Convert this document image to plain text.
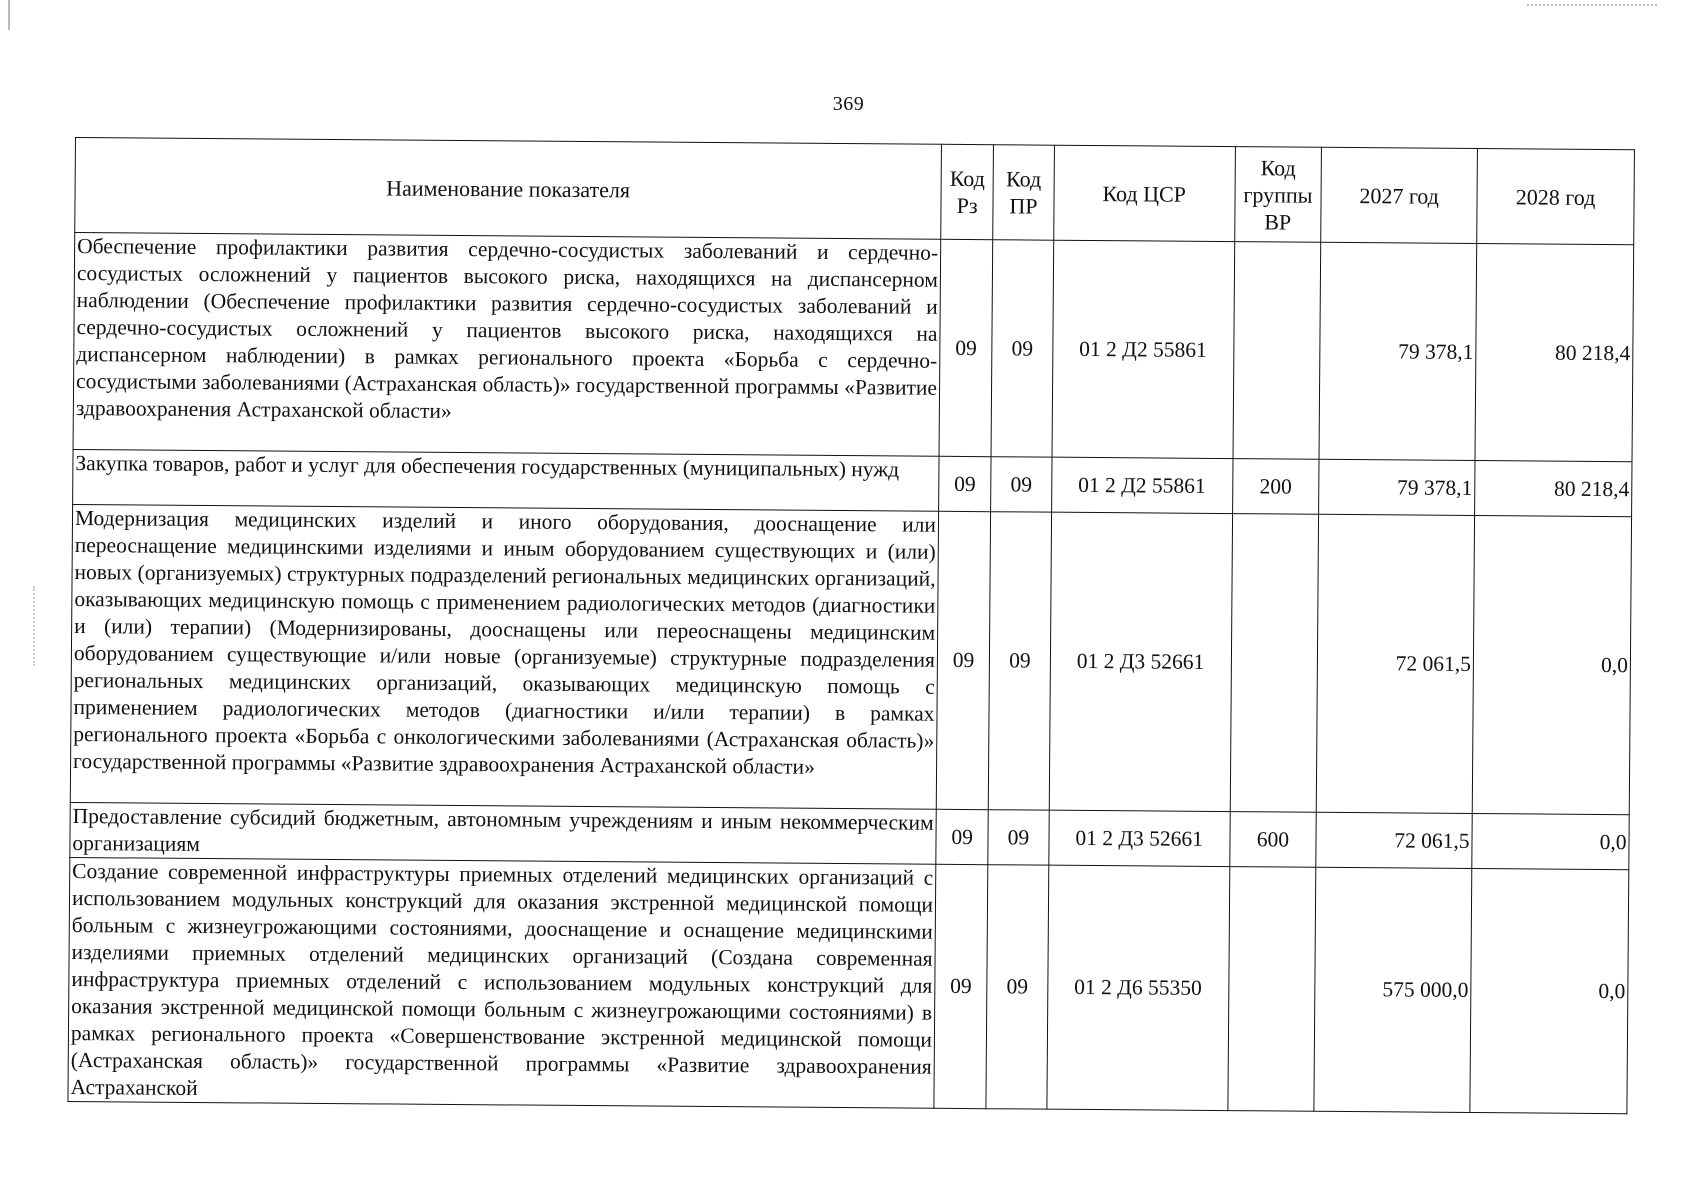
369
Наименование показателя	Код Рз	Код ПР	Код ЦСР	Код группы ВР	2027 год	2028 год
Обеспечение профилактики развития сердечно-сосудистых заболеваний и сердечно-сосудистых осложнений у пациентов высокого риска, находящихся на диспансерном наблюдении (Обеспечение профилактики развития сердечно-сосудистых заболеваний и сердечно-сосудистых осложнений у пациентов высокого риска, находящихся на диспансерном наблюдении) в рамках регионального проекта «Борьба с сердечно-сосудистыми заболеваниями (Астраханская область)» государственной программы «Развитие здравоохранения Астраханской области»	09	09	01 2 Д2 55861		79 378,1	80 218,4
Закупка товаров, работ и услуг для обеспечения государственных (муниципальных) нужд	09	09	01 2 Д2 55861	200	79 378,1	80 218,4
Модернизация медицинских изделий и иного оборудования, дооснащение или переоснащение медицинскими изделиями и иным оборудованием существующих и (или) новых (организуемых) структурных подразделений региональных медицинских организаций, оказывающих медицинскую помощь с применением радиологических методов (диагностики и (или) терапии) (Модернизированы, дооснащены или переоснащены медицинским оборудованием существующие и/или новые (организуемые) структурные подразделения региональных медицинских организаций, оказывающих медицинскую помощь с применением радиологических методов (диагностики и/или терапии) в рамках регионального проекта «Борьба с онкологическими заболеваниями (Астраханская область)» государственной программы «Развитие здравоохранения Астраханской области»	09	09	01 2 Д3 52661		72 061,5	0,0
Предоставление субсидий бюджетным, автономным учреждениям и иным некоммерческим организациям	09	09	01 2 Д3 52661	600	72 061,5	0,0
Создание современной инфраструктуры приемных отделений медицинских организаций с использованием модульных конструкций для оказания экстренной медицинской помощи больным с жизнеугрожающими состояниями, дооснащение и оснащение медицинскими изделиями приемных отделений медицинских организаций (Создана современная инфраструктура приемных отделений с использованием модульных конструкций для оказания экстренной медицинской помощи больным с жизнеугрожающими состояниями) в рамках регионального проекта «Совершенствование экстренной медицинской помощи (Астраханская область)» государственной программы «Развитие здравоохранения Астраханской	09	09	01 2 Д6 55350		575 000,0	0,0
